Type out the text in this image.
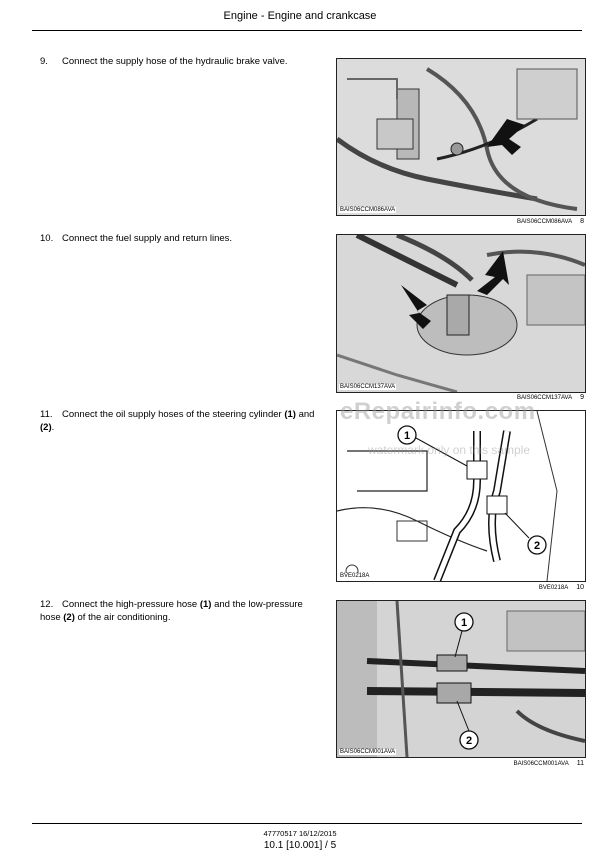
Engine - Engine and crankcase
9. Connect the supply hose of the hydraulic brake valve.
BAIS06CCM086AVA
BAIS06CCM086AVA 8
10. Connect the fuel supply and return lines.
BAIS06CCM137AVA
BAIS06CCM137AVA 9
11. Connect the oil supply hoses of the steering cylinder (1) and (2).
1
2
BVE0218A
BVE0218A 10
12. Connect the high-pressure hose (1) and the low-pressure hose (2) of the air conditioning.	1
2
BAIS06CCM001AVA
BAIS06CCM001AVA 11
eRepairinfo.com
watermark only on this sample
47770517 16/12/2015
10.1 [10.001] / 5
